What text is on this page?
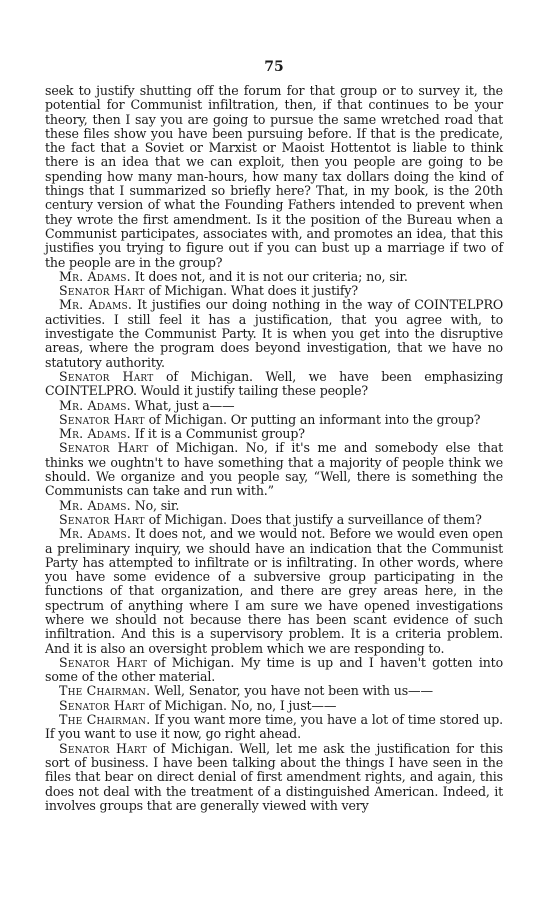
75

seek to justify shutting off the forum for that group or to survey it, the potential for Communist infiltration, then, if that continues to be your theory, then I say you are going to pursue the same wretched road that these files show you have been pursuing before. If that is the predicate, the fact that a Soviet or Marxist or Maoist Hottentot is liable to think there is an idea that we can exploit, then you people are going to be spending how many man-hours, how many tax dollars doing the kind of things that I summarized so briefly here? That, in my book, is the 20th century version of what the Founding Fathers intended to prevent when they wrote the first amendment. Is it the position of the Bureau when a Communist participates, associates with, and promotes an idea, that this justifies you trying to figure out if you can bust up a marriage if two of the people are in the group?

Mr. Adams. It does not, and it is not our criteria; no, sir.

Senator Hart of Michigan. What does it justify?

Mr. Adams. It justifies our doing nothing in the way of COINTELPRO activities. I still feel it has a justification, that you agree with, to investigate the Communist Party. It is when you get into the disruptive areas, where the program does beyond investigation, that we have no statutory authority.

Senator Hart of Michigan. Well, we have been emphasizing COINTELPRO. Would it justify tailing these people?

Mr. Adams. What, just a——

Senator Hart of Michigan. Or putting an informant into the group?

Mr. Adams. If it is a Communist group?

Senator Hart of Michigan. No, if it's me and somebody else that thinks we oughtn't to have something that a majority of people think we should. We organize and you people say, “Well, there is something the Communists can take and run with.”

Mr. Adams. No, sir.

Senator Hart of Michigan. Does that justify a surveillance of them?

Mr. Adams. It does not, and we would not. Before we would even open a preliminary inquiry, we should have an indication that the Communist Party has attempted to infiltrate or is infiltrating. In other words, where you have some evidence of a subversive group participating in the functions of that organization, and there are grey areas here, in the spectrum of anything where I am sure we have opened investigations where we should not because there has been scant evidence of such infiltration. And this is a supervisory problem. It is a criteria problem. And it is also an oversight problem which we are responding to.

Senator Hart of Michigan. My time is up and I haven't gotten into some of the other material.

The Chairman. Well, Senator, you have not been with us——

Senator Hart of Michigan. No, no, I just——

The Chairman. If you want more time, you have a lot of time stored up. If you want to use it now, go right ahead.

Senator Hart of Michigan. Well, let me ask the justification for this sort of business. I have been talking about the things I have seen in the files that bear on direct denial of first amendment rights, and again, this does not deal with the treatment of a distinguished American. Indeed, it involves groups that are generally viewed with very
